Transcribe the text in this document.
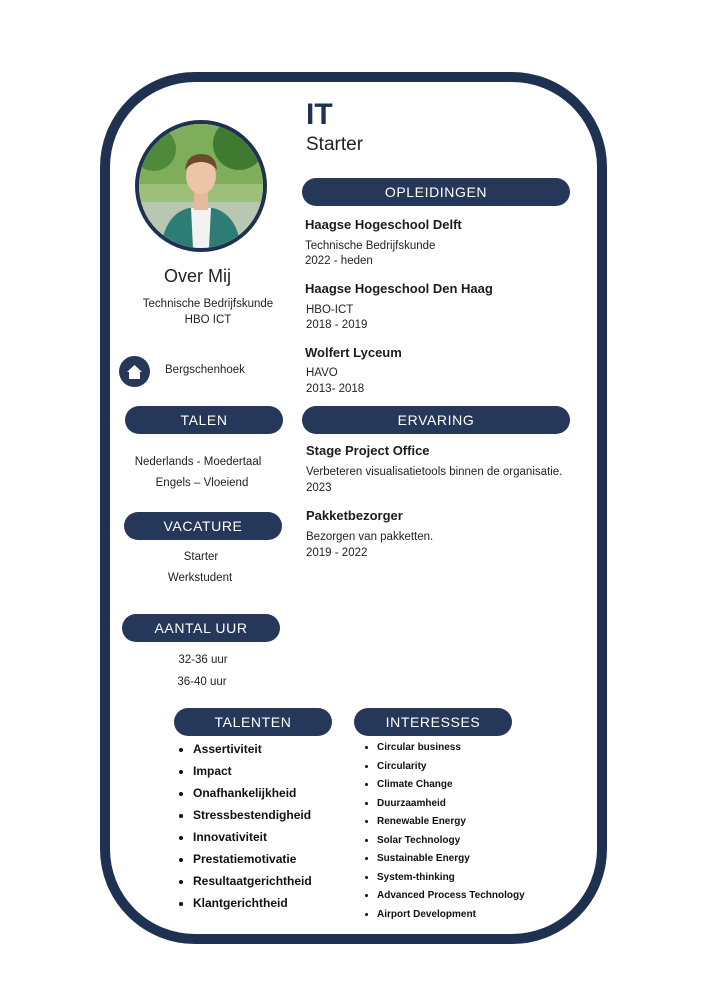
IT
Starter
Over Mij
Technische Bedrijfskunde
HBO ICT
Bergschenhoek
TALEN
Nederlands - Moedertaal
Engels – Vloeiend
VACATURE
Starter
Werkstudent
AANTAL UUR
32-36 uur
36-40 uur
OPLEIDINGEN
Haagse Hogeschool Delft
Technische Bedrijfskunde
2022 - heden
Haagse Hogeschool Den Haag
HBO-ICT
2018 - 2019
Wolfert Lyceum
HAVO
2013- 2018
ERVARING
Stage Project Office
Verbeteren visualisatietools binnen de organisatie.
2023
Pakketbezorger
Bezorgen van pakketten.
2019 - 2022
TALENTEN
• Assertiviteit
• Impact
• Onafhankelijkheid
• Stressbestendigheid
• Innovativiteit
• Prestatiemotivatie
• Resultaatgerichtheid
• Klantgerichtheid
INTERESSES
• Circular business
• Circularity
• Climate Change
• Duurzaamheid
• Renewable Energy
• Solar Technology
• Sustainable Energy
• System-thinking
• Advanced Process Technology
• Airport Development
